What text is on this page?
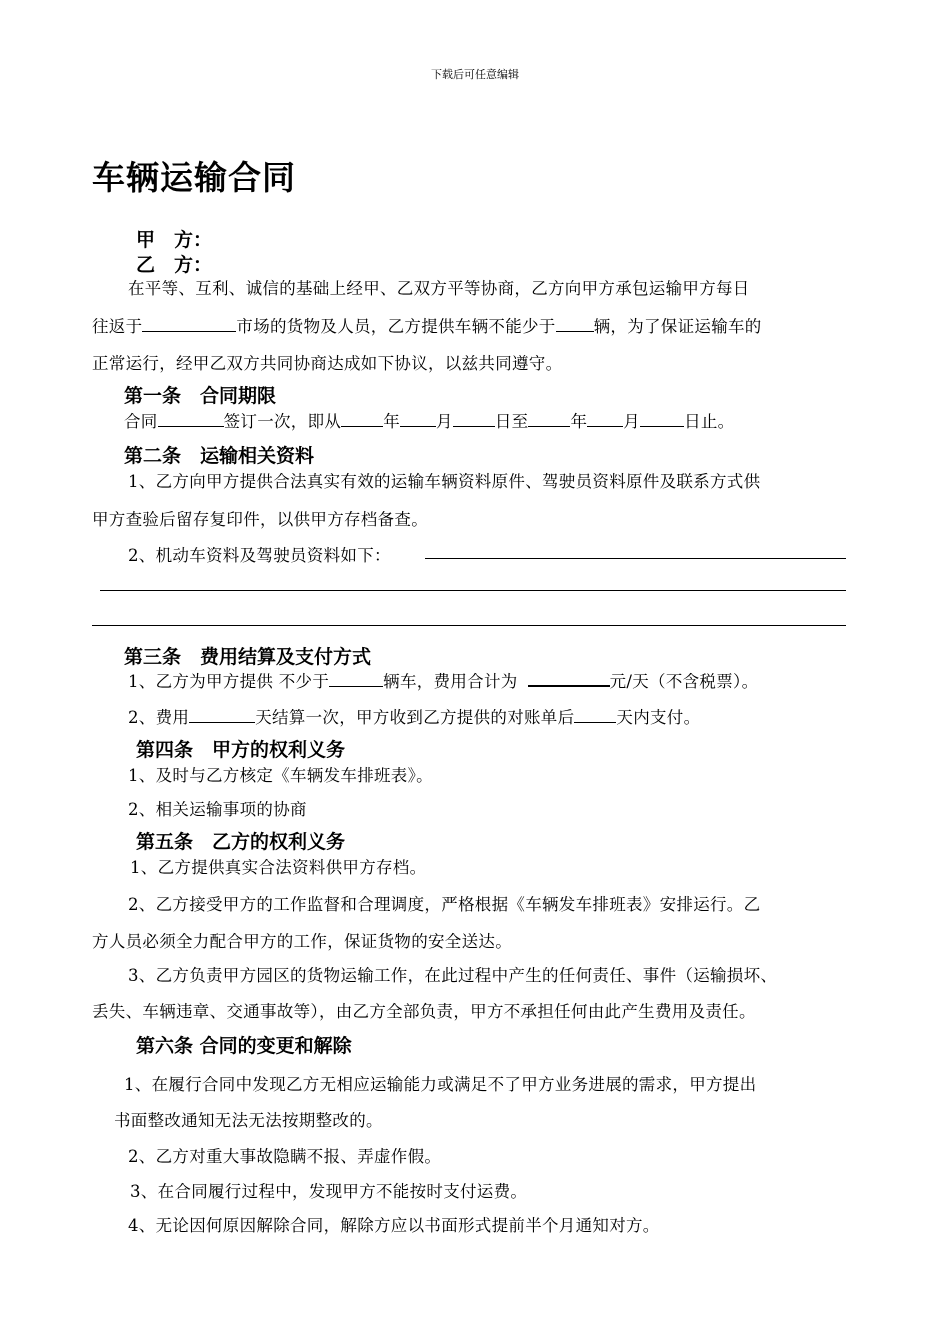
下载后可任意编辑
车辆运输合同
甲　方：
乙　方：
在平等、互利、诚信的基础上经甲、乙双方平等协商，乙方向甲方承包运输甲方每日
往返于	市场的货物及人员，乙方提供车辆不能少于 辆，为了保证运输车的
正常运行，经甲乙双方共同协商达成如下协议，以兹共同遵守。
第一条　合同期限
合同	签订一次，即从	年 月	日至	年 月	日止。
第二条　运输相关资料
1、乙方向甲方提供合法真实有效的运输车辆资料原件、驾驶员资料原件及联系方式供
甲方查验后留存复印件，以供甲方存档备查。
2、机动车资料及驾驶员资料如下：
第三条　费用结算及支付方式
1、乙方为甲方提供 不少于	辆车，费用合计为	元/天（不含税票）。
2、费用	天结算一次，甲方收到乙方提供的对账单后	天内支付。
第四条　甲方的权利义务
1、及时与乙方核定《车辆发车排班表》。
2、相关运输事项的协商
第五条　乙方的权利义务
1、乙方提供真实合法资料供甲方存档。
2、乙方接受甲方的工作监督和合理调度，严格根据《车辆发车排班表》安排运行。乙
方人员必须全力配合甲方的工作，保证货物的安全送达。
3、乙方负责甲方园区的货物运输工作，在此过程中产生的任何责任、事件（运输损坏、
丢失、车辆违章、交通事故等），由乙方全部负责，甲方不承担任何由此产生费用及责任。
第六条 合同的变更和解除
1、在履行合同中发现乙方无相应运输能力或满足不了甲方业务进展的需求，甲方提出
书面整改通知无法无法按期整改的。
2、乙方对重大事故隐瞒不报、弄虚作假。
3、在合同履行过程中，发现甲方不能按时支付运费。
4、无论因何原因解除合同，解除方应以书面形式提前半个月通知对方。
